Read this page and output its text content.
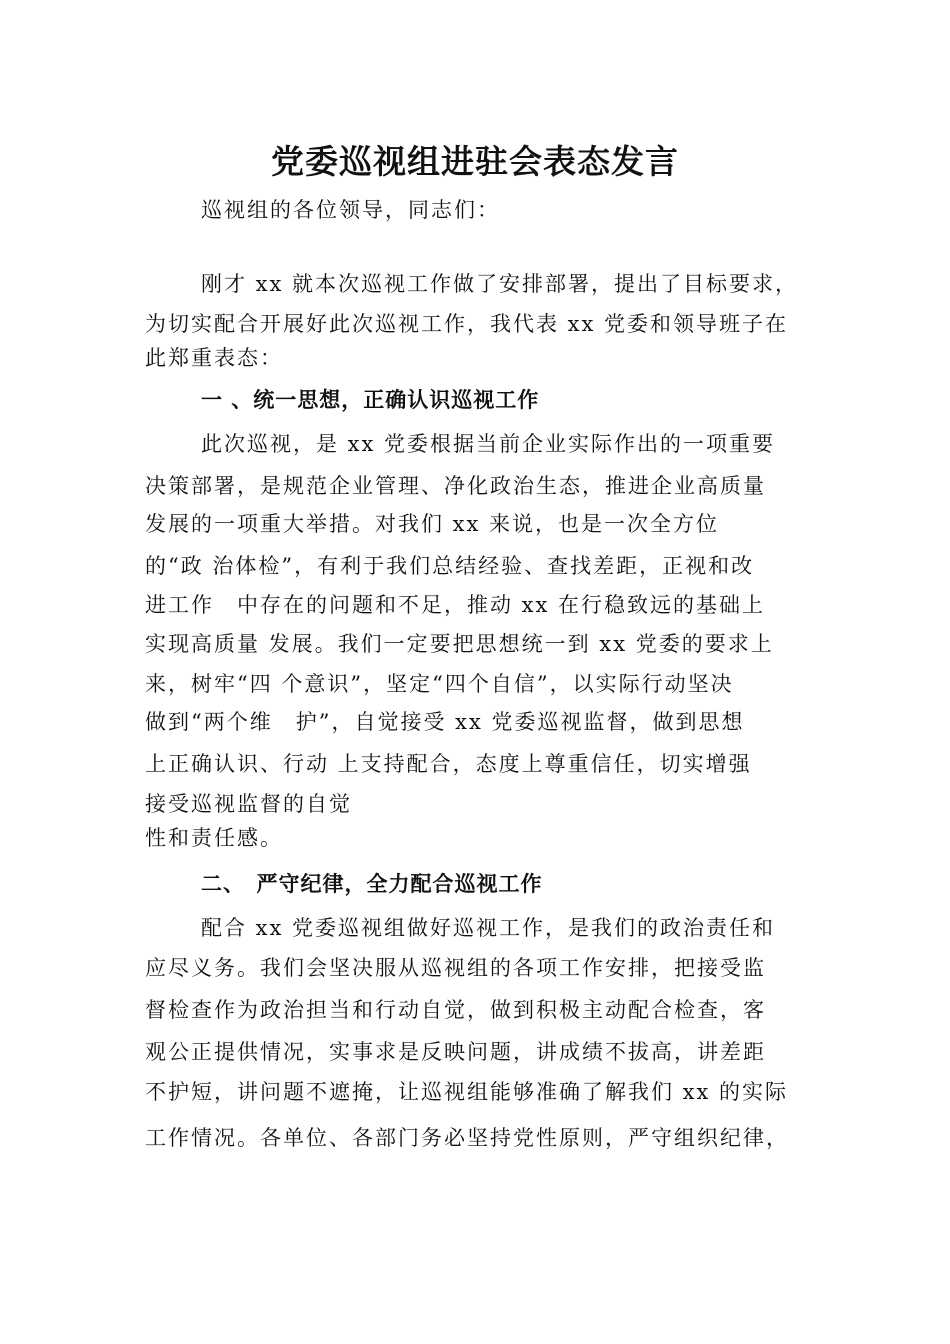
党委巡视组进驻会表态发言

巡视组的各位领导，同志们：

刚才 xx 就本次巡视工作做了安排部署，提出了目标要求，

为切实配合开展好此次巡视工作，我代表 xx 党委和领导班子在

此郑重表态：

一 、统一思想，正确认识巡视工作

此次巡视，是 xx 党委根据当前企业实际作出的一项重要

决策部署，是规范企业管理、净化政治生态，推进企业高质量

发展的一项重大举措。对我们 xx 来说，也是一次全方位

的“政 治体检”，有利于我们总结经验、查找差距，正视和改

进工作　中存在的问题和不足，推动 xx 在行稳致远的基础上

实现高质量 发展。我们一定要把思想统一到 xx 党委的要求上

来，树牢“四 个意识”，坚定“四个自信”，以实际行动坚决

做到“两个维　护”，自觉接受 xx 党委巡视监督，做到思想

上正确认识、行动 上支持配合，态度上尊重信任，切实增强

接受巡视监督的自觉

性和责任感。

二、　严守纪律，全力配合巡视工作

配合 xx 党委巡视组做好巡视工作，是我们的政治责任和

应尽义务。我们会坚决服从巡视组的各项工作安排，把接受监

督检查作为政治担当和行动自觉，做到积极主动配合检查，客

观公正提供情况，实事求是反映问题，讲成绩不拔高，讲差距

不护短，讲问题不遮掩，让巡视组能够准确了解我们 xx 的实际

工作情况。各单位、各部门务必坚持党性原则，严守组织纪律，
